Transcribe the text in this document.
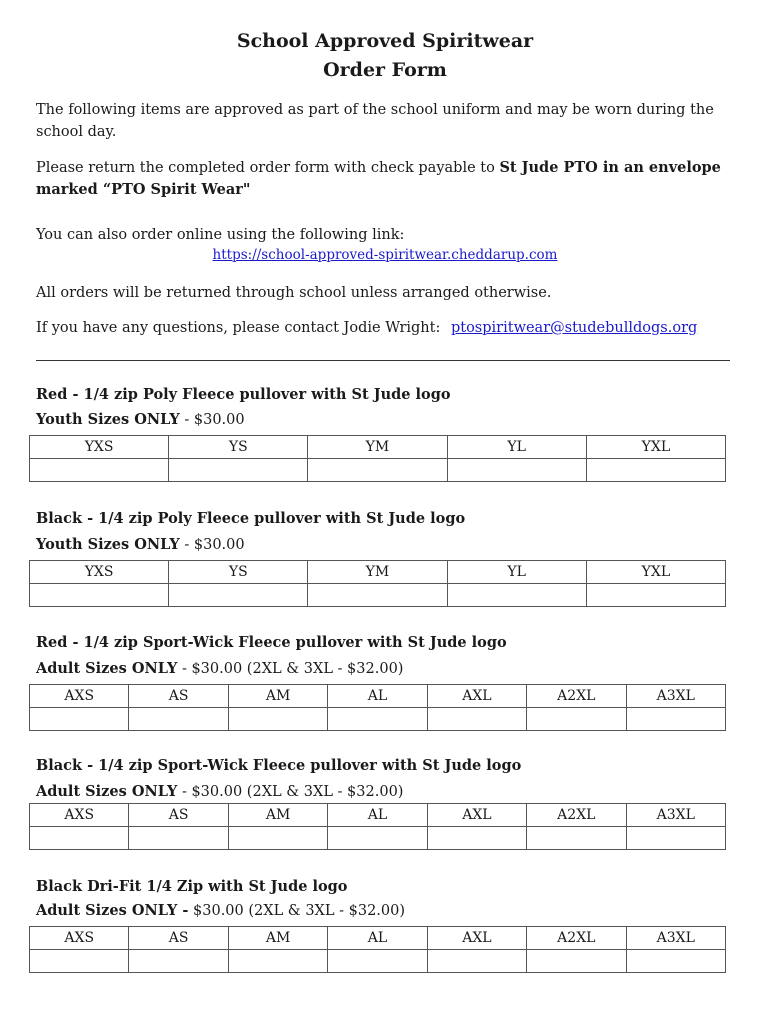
School Approved Spiritwear
Order Form
The following items are approved as part of the school uniform and may be worn during the school day.
Please return the completed order form with check payable to St Jude PTO in an envelope marked “PTO Spirit Wear"
You can also order online using the following link:
https://school-approved-spiritwear.cheddarup.com
All orders will be returned through school unless arranged otherwise.
If you have any questions, please contact Jodie Wright: ptospiritwear@studebulldogs.org
Red - 1/4 zip Poly Fleece pullover with St Jude logo
Youth Sizes ONLY - $30.00
YXS	YS	YM	YL	YXL

Black - 1/4 zip Poly Fleece pullover with St Jude logo
Youth Sizes ONLY - $30.00
YXS	YS	YM	YL	YXL

Red - 1/4 zip Sport-Wick Fleece pullover with St Jude logo
Adult Sizes ONLY - $30.00 (2XL & 3XL - $32.00)
AXS	AS	AM	AL	AXL	A2XL	A3XL

Black - 1/4 zip Sport-Wick Fleece pullover with St Jude logo
Adult Sizes ONLY - $30.00 (2XL & 3XL - $32.00)
AXS	AS	AM	AL	AXL	A2XL	A3XL

Black Dri-Fit 1/4 Zip with St Jude logo
Adult Sizes ONLY - $30.00 (2XL & 3XL - $32.00)
AXS	AS	AM	AL	AXL	A2XL	A3XL
